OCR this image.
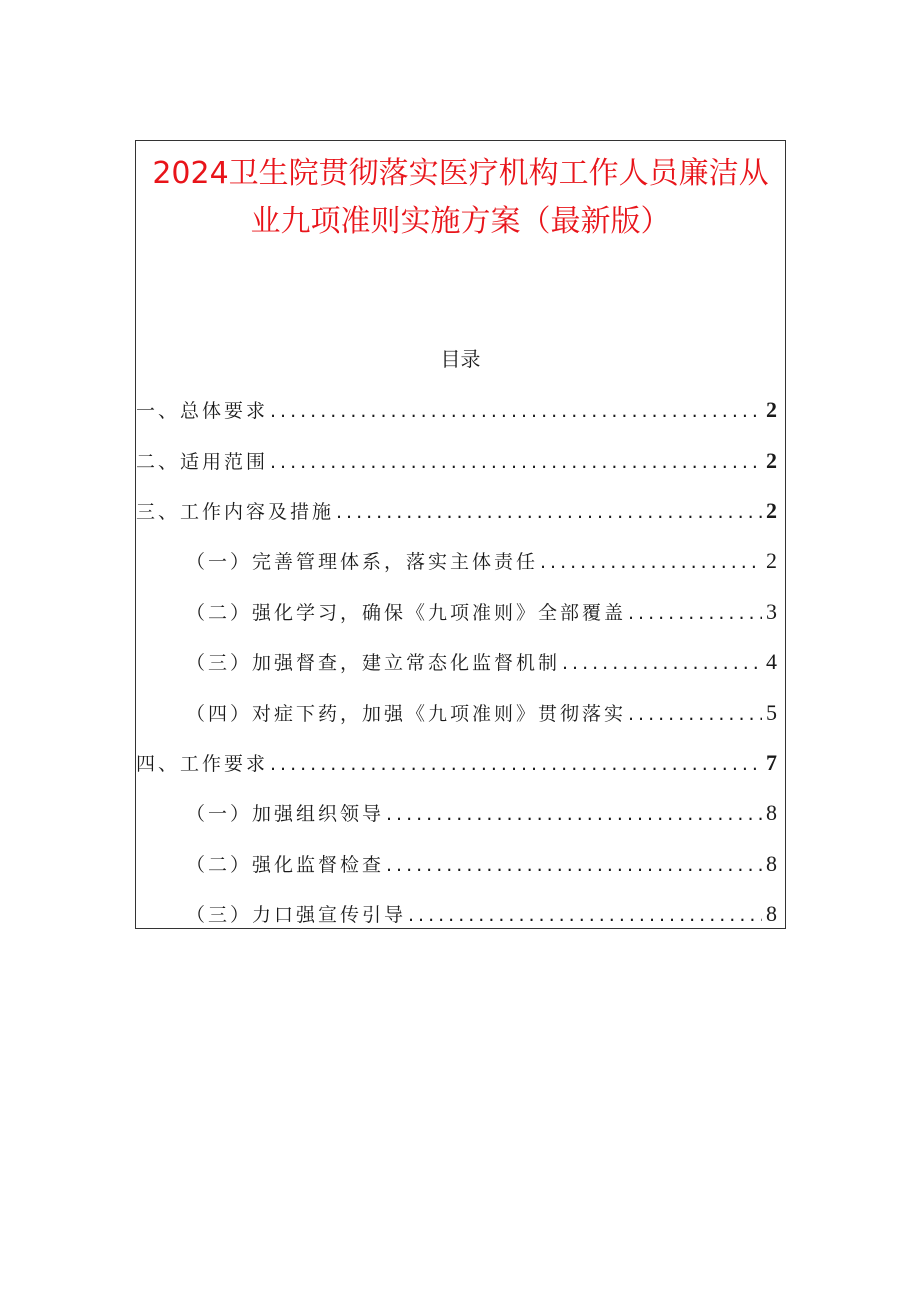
2024卫生院贯彻落实医疗机构工作人员廉洁从
业九项准则实施方案（最新版）
目录
一、总体要求 .....	2
二、适用范围 .....	2
三、工作内容及措施 .....	2
（一）完善管理体系，落实主体责任 .....	2
（二）强化学习，确保《九项准则》全部覆盖 .....	3
（三）加强督查，建立常态化监督机制 .....	4
（四）对症下药，加强《九项准则》贯彻落实 .....	5
四、工作要求 .....	7
（一）加强组织领导 .....	8
（二）强化监督检查 .....	8
（三）力口强宣传引导 .....	8
